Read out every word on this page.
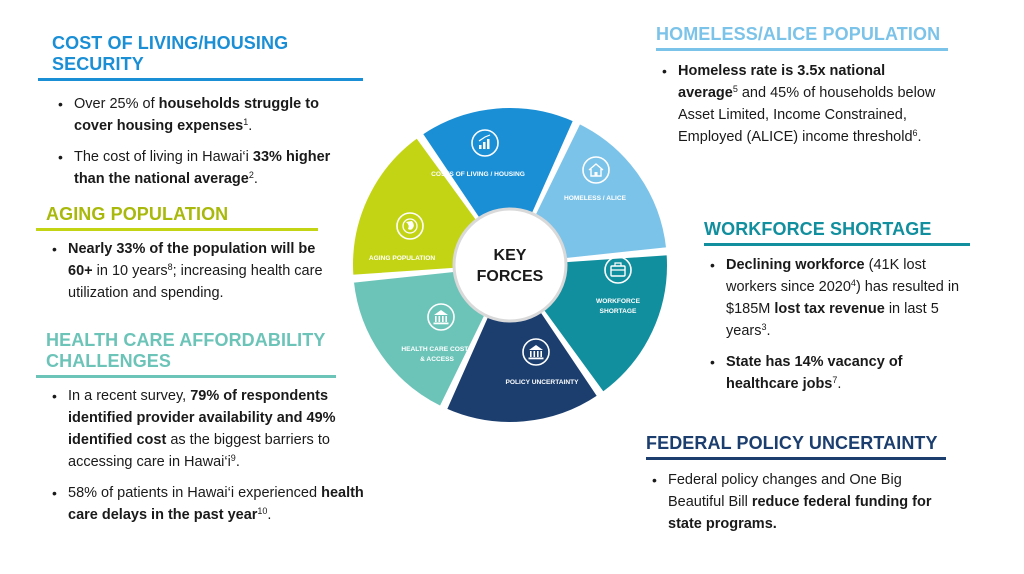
COST OF LIVING/HOUSING
SECURITY
• Over 25% of households struggle to cover housing expenses$^1$.
• The cost of living in Hawai‘i 33% higher than the national average$^2$.
AGING POPULATION
• Nearly 33% of the population will be 60+ in 10 years$^8$; increasing health care utilization and spending.
HEALTH CARE AFFORDABILITY
CHALLENGES
• In a recent survey, 79% of respondents identified provider availability and 49% identified cost as the biggest barriers to accessing care in $Hawai‘i^9$.
• 58% of patients in Hawai‘i experienced health care delays in the past year$^{10}$.
HOMELESS/ALICE POPULATION
• Homeless rate is 3.5x national average$^5$ and 45% of households below Asset Limited, Income Constrained, Employed (ALICE) income threshold$^6$.
WORKFORCE SHORTAGE
• Declining workforce (41K lost workers since 2020$^4$) has resulted in $185M lost tax revenue in last 5 years$^3$.
• State has 14% vacancy of healthcare jobs$^7$.
FEDERAL POLICY UNCERTAINTY
• Federal policy changes and One Big Beautiful Bill reduce federal funding for state programs.
KEY
FORCES
COSTS OF LIVING / HOUSING
HOMELESS / ALICE
WORKFORCE
SHORTAGE
POLICY UNCERTAINTY
HEALTH CARE COSTS
& ACCESS
AGING POPULATION
